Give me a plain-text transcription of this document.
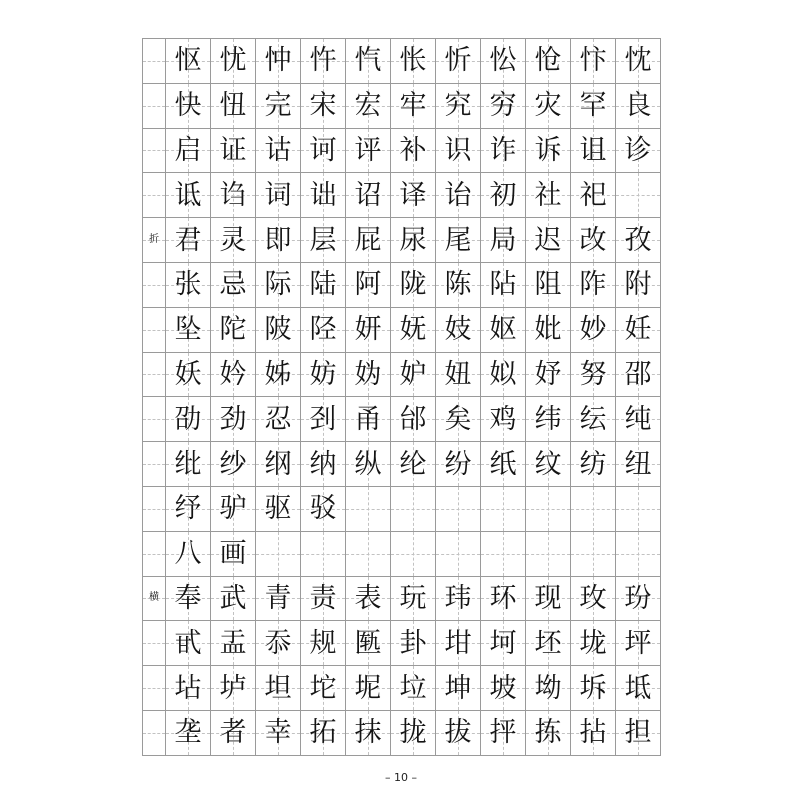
怄 忧 忡 忤 忾 怅 忻 忪 怆 忭 忱
快 忸 完 宋 宏 牢 究 穷 灾 罕 良
启 证 诂 诃 评 补 识 诈 诉 诅 诊
诋 诌 词 诎 诏 译 诒 初 社 祀
折 君 灵 即 层 屁 尿 尾 局 迟 改 孜
张 忌 际 陆 阿 陇 陈 阽 阻 阼 附
坠 陀 陂 陉 妍 妩 妓 妪 妣 妙 妊
妖 妗 姊 妨 妫 妒 妞 姒 妤 努 邵
劭 劲 忍 刭 甬 邰 矣 鸡 纬 纭 纯
纰 纱 纲 纳 纵 纶 纷 纸 纹 纺 纽
纾 驴 驱 驳
八 画
横 奉 武 青 责 表 玩 玮 环 现 玫 玢
甙 盂 忝 规 匦 卦 坩 坷 坯 垅 坪
坫 垆 坦 坨 坭 垃 坤 坡 坳 坼 坻
垄 者 幸 拓 抹 拢 拔 抨 拣 拈 担
– 10 –
